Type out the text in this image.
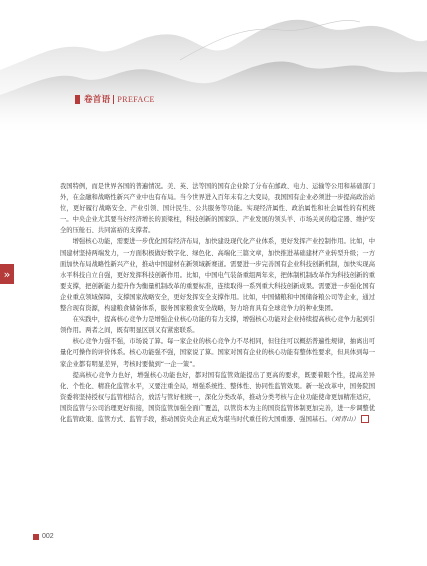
卷首语 PREFACE
»

我国特例，而是世界各国的普遍情况。美、英、法等国的国有企业除了分布在邮政、电力、运输等公用和基础部门外，在金融和战略性新兴产业中也有布局。当今世界进入百年未有之大变局，我国国有企业必须进一步提高政治站位，更好履行战略安全、产业引领、国计民生、公共服务等功能。实现经济属性、政治属性和社会属性的有机统一。中央企业尤其要当好经济增长的顶梁柱，科技创新的国家队、产业发展的领头羊、市场关灵的稳定器、维护安全的压舱石、共同富裕的支撑者。

增强核心功能，需要进一步优化国有经济布局，加快建设现代化产业体系，更好发挥产业控制作用。比如，中国建材坚持两端发力，一方面积极做好数字化、绿色化、高端化三篇文章，加快推进基础建材产业转型升级；一方面加快布局战略性新兴产业，推动中国建材在新领域新赛道。需要进一步完善国有企业科技创新机制，加快实现高水平科技自立自强，更好发挥科技创新作用。比如，中国电气装备重组两年来，把体制机制改革作为科技创新的重要支撑，把创新能力提升作为衡量机制改革的重要标准，连续取得一系列重大科技创新成果。需要进一步强化国有企业重点领域保障，支撑国家战略安全，更好发挥安全支撑作用。比如，中国储粮和中国储备粮公司等企业，通过整合现有资源，构建粮食储备体系，服务国家粮食安全战略，努力培育具有全球竞争力的种业集团。

在实践中，提高核心竞争力是增强企业核心功能的有力支撑，增强核心功能对企业持续提高核心竞争力起到引领作用。两者之间，既有明显区别又有紧密联系。

核心竞争力强不强，市场说了算。每一家企业的核心竞争力不尽相同，但往往可以概括普遍性规律，抽离出可量化可操作的评价体系。核心功能强不强，国家说了算。国家对国有企业的核心功能有整体性要求，但具体到每一家企业都有明显差异，考核时要做到“一企一策”。

提高核心竞争力也好，增强核心功能也好，都对国有监管效能提出了更高的要求，既要着眼个性，提高差异化、个性化、精准化监管水平，又要注重全局，增强系统性、整体性、协同性监管效果。新一轮改革中，国务院国资委将坚持授权与监管相结合，放活与管好相统一，深化分类改革，推动分类考核与企业功能使命更加精准适应，国资监管与公司治理更好衔接，国资监管加强全面广覆盖，以管资本为主的国资监管体制更加完善，进一步调整优化监管政策、监管方式、监管手段，推动国资央企真正成为堪当时代重任的大国重器、强国基石。（刘青山）

002
